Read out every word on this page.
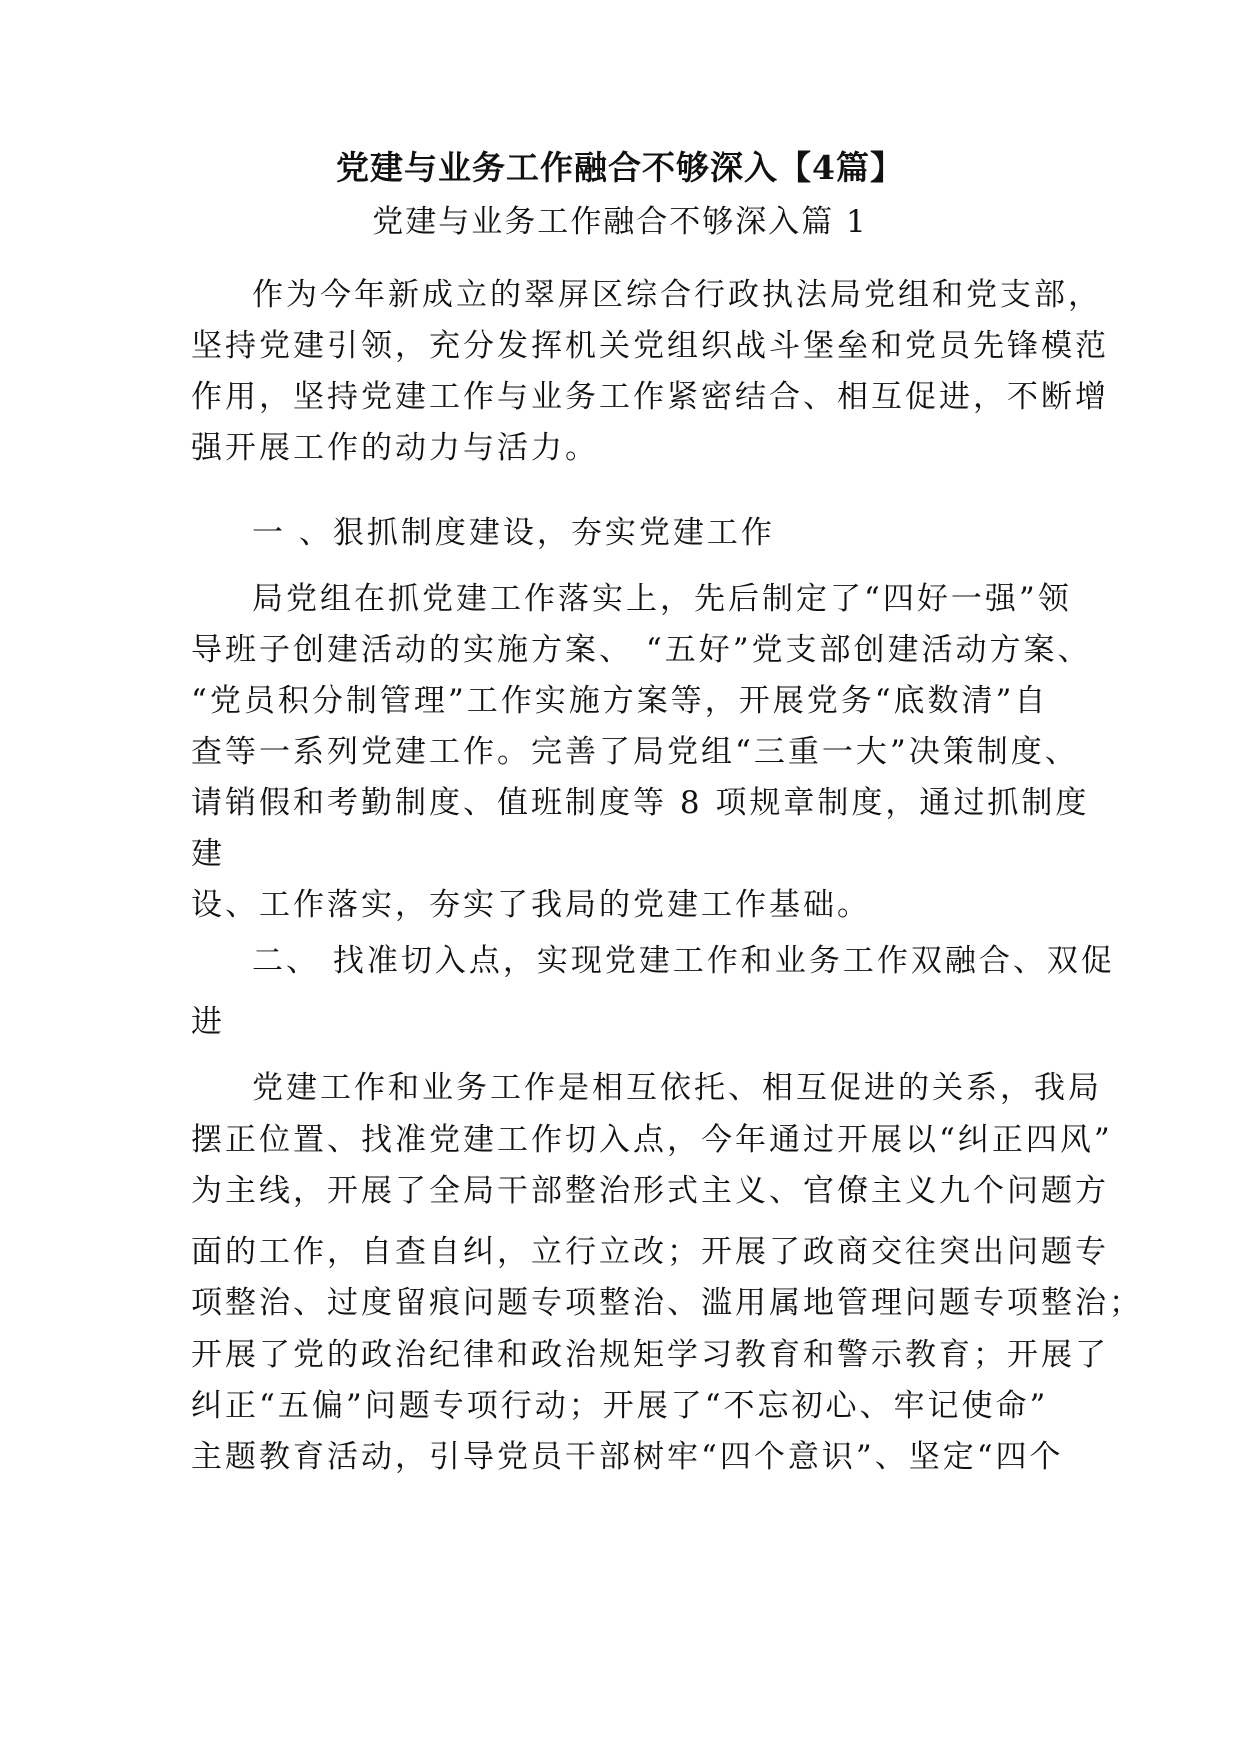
党建与业务工作融合不够深入【4篇】
党建与业务工作融合不够深入篇 1
作为今年新成立的翠屏区综合行政执法局党组和党支部，
坚持党建引领，充分发挥机关党组织战斗堡垒和党员先锋模范
作用，坚持党建工作与业务工作紧密结合、相互促进，不断增
强开展工作的动力与活力。
一 、狠抓制度建设，夯实党建工作
局党组在抓党建工作落实上，先后制定了“四好一强”领
导班子创建活动的实施方案、 “五好”党支部创建活动方案、
“党员积分制管理”工作实施方案等，开展党务“底数清”自
查等一系列党建工作。完善了局党组“三重一大”决策制度、
请销假和考勤制度、值班制度等 8 项规章制度，通过抓制度
建
设、工作落实，夯实了我局的党建工作基础。
二、 找准切入点，实现党建工作和业务工作双融合、双促
进
党建工作和业务工作是相互依托、相互促进的关系，我局
摆正位置、找准党建工作切入点，今年通过开展以“纠正四风”
为主线，开展了全局干部整治形式主义、官僚主义九个问题方
面的工作，自查自纠，立行立改；开展了政商交往突出问题专
项整治、过度留痕问题专项整治、滥用属地管理问题专项整治；
开展了党的政治纪律和政治规矩学习教育和警示教育；开展了
纠正“五偏”问题专项行动；开展了“不忘初心、牢记使命”
主题教育活动，引导党员干部树牢“四个意识”、坚定“四个
